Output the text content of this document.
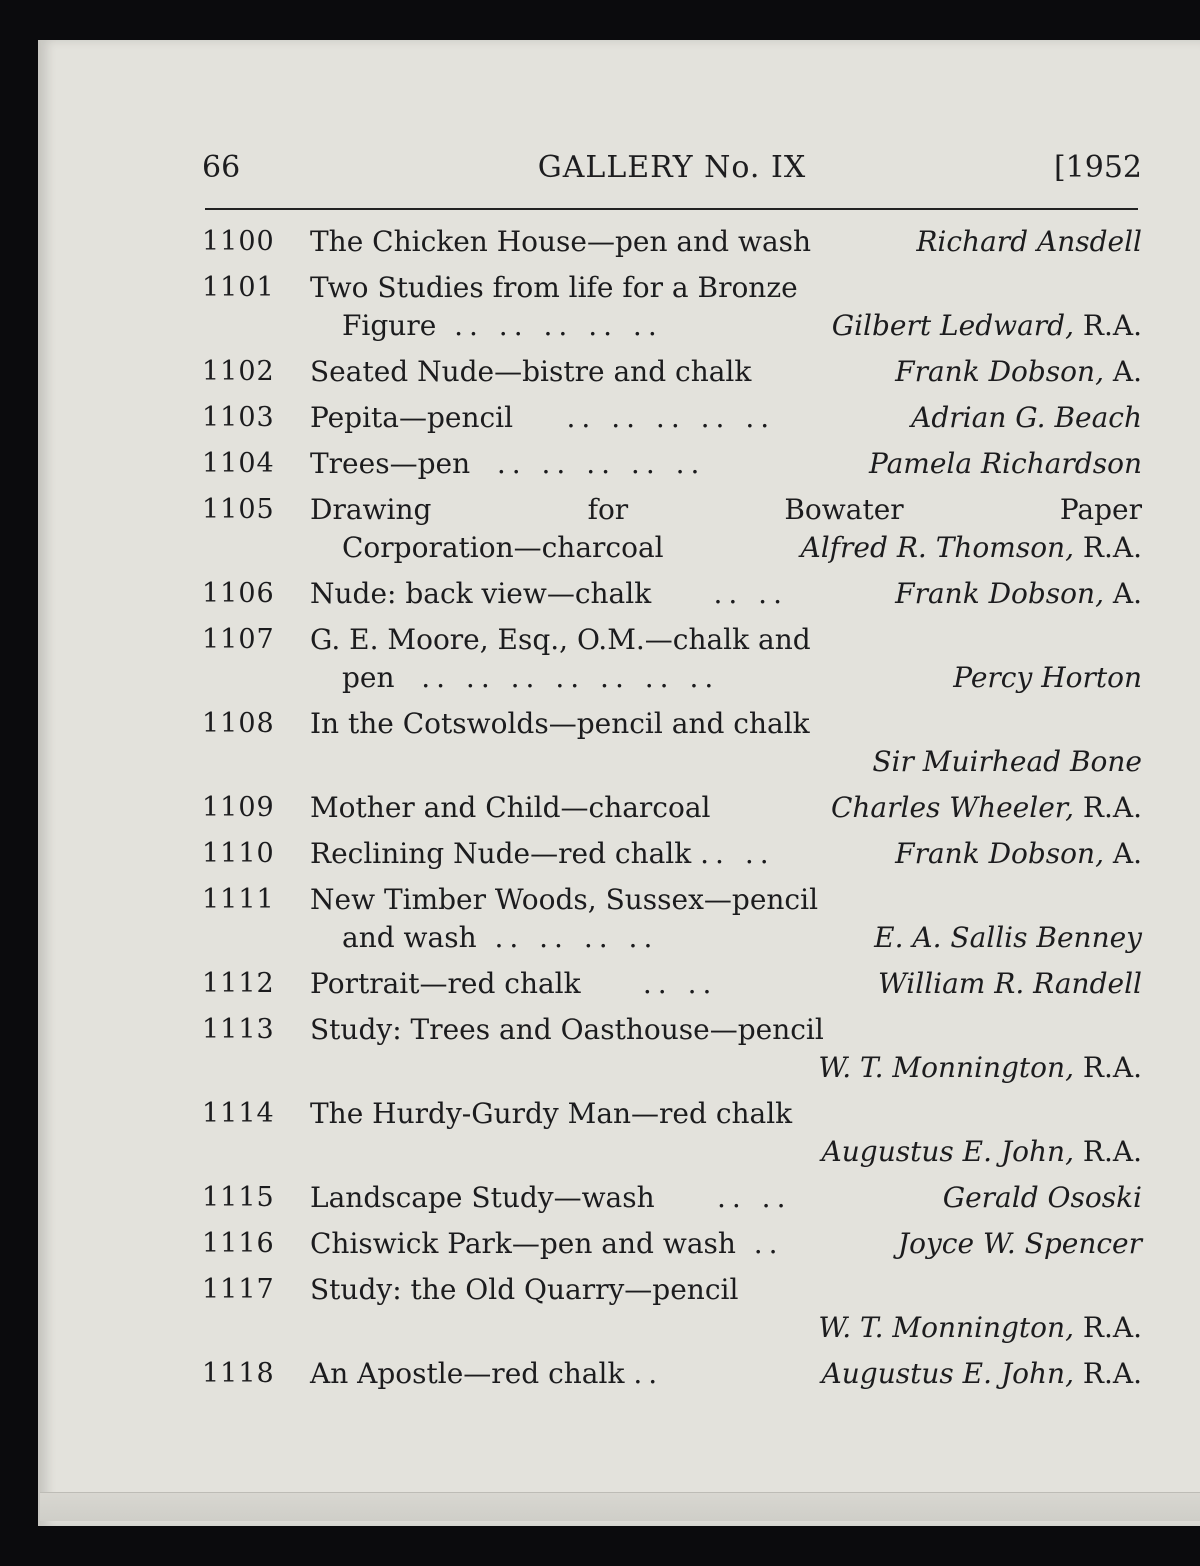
66	GALLERY No. IX	[1952
1100 The Chicken House—pen and wash	Richard Ansdell
1101 Two Studies from life for a Bronze
Figure .. .. .. .. ..	Gilbert Ledward, R.A.
1102 Seated Nude—bistre and chalk	Frank Dobson, A.
1103 Pepita—pencil .. .. .. .. ..	Adrian G. Beach
1104 Trees—pen .. .. .. .. ..	Pamela Richardson
1105 Drawing	for	Bowater	Paper
Corporation—charcoal	Alfred R. Thomson, R.A.
1106 Nude: back view—chalk .. ..	Frank Dobson, A.
1107 G. E. Moore, Esq., O.M.—chalk and
pen .. .. .. .. .. .. ..	Percy Horton
1108 In the Cotswolds—pencil and chalk
Sir Muirhead Bone
1109 Mother and Child—charcoal	Charles Wheeler, R.A.
1110 Reclining Nude—red chalk .. ..	Frank Dobson, A.
1111 New Timber Woods, Sussex—pencil
and wash .. .. .. ..	E. A. Sallis Benney
1112 Portrait—red chalk .. ..	William R. Randell
1113 Study: Trees and Oasthouse—pencil
W. T. Monnington, R.A.
1114 The Hurdy-Gurdy Man—red chalk
Augustus E. John, R.A.
1115 Landscape Study—wash .. ..	Gerald Ososki
1116 Chiswick Park—pen and wash ..	Joyce W. Spencer
1117 Study: the Old Quarry—pencil
W. T. Monnington, R.A.
1118 An Apostle—red chalk ..	Augustus E. John, R.A.
